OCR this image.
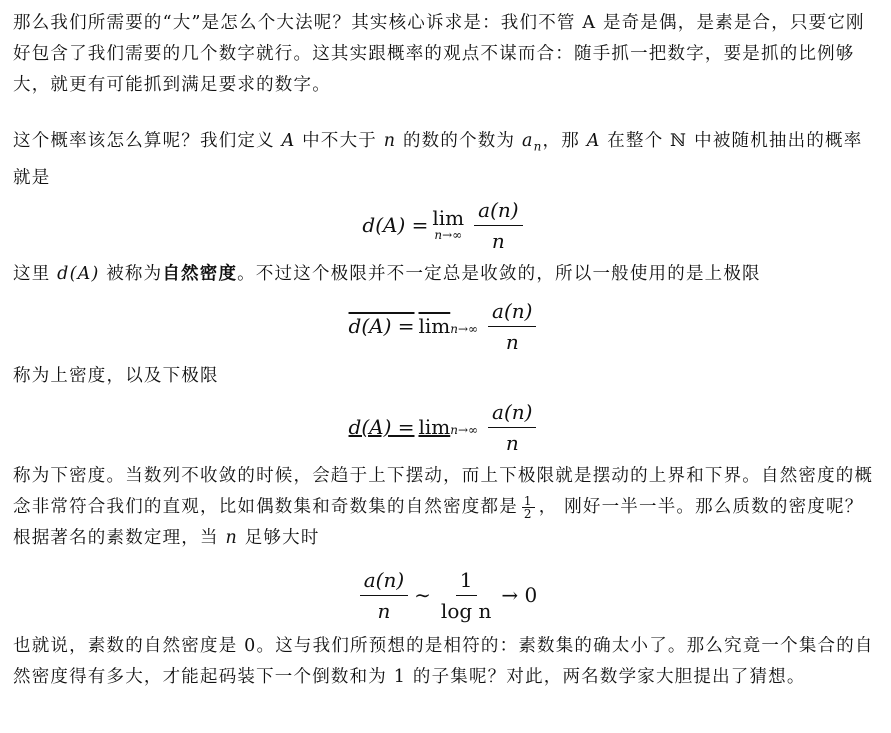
那么我们所需要的“大”是怎么个大法呢？其实核心诉求是：我们不管 A 是奇是偶，是素是合，只要它刚好包含了我们需要的几个数字就行。这其实跟概率的观点不谋而合：随手抓一把数字，要是抓的比例够大，就更有可能抓到满足要求的数字。

这个概率该怎么算呢？我们定义 A 中不大于 n 的数的个数为 $a_n$，那 A 在整个 ℕ 中被随机抽出的概率就是

d(A) = lim
$n\to\infty \frac{a(n)}{n}$

这里 d(A) 被称为自然密度。不过这个极限并不一定总是收敛的，所以一般使用的是上极限

$d(A) = \overline{lim}$ $n\to\infty \frac{a(n)}{n}$

称为上密度，以及下极限

$d(A) = \lim n\to\infty \frac{a(n)}{n}$

称为下密度。当数列不收敛的时候，会趋于上下摆动，而上下极限就是摆动的上界和下界。自然密度的概念非常符合我们的直观，比如偶数集和奇数集的自然密度都是 $\frac{1}{2}$ ， 刚好一半一半。那么质数的密度呢？根据著名的素数定理，当 n 足够大时

$\frac{a(n)}{n}$ ∼ $\frac{1}{\text{log n}} \to 0$

也就说，素数的自然密度是 0。这与我们所预想的是相符的：素数集的确太小了。那么究竟一个集合的自然密度得有多大，才能起码装下一个倒数和为 1 的子集呢？对此，两名数学家大胆提出了猜想。
